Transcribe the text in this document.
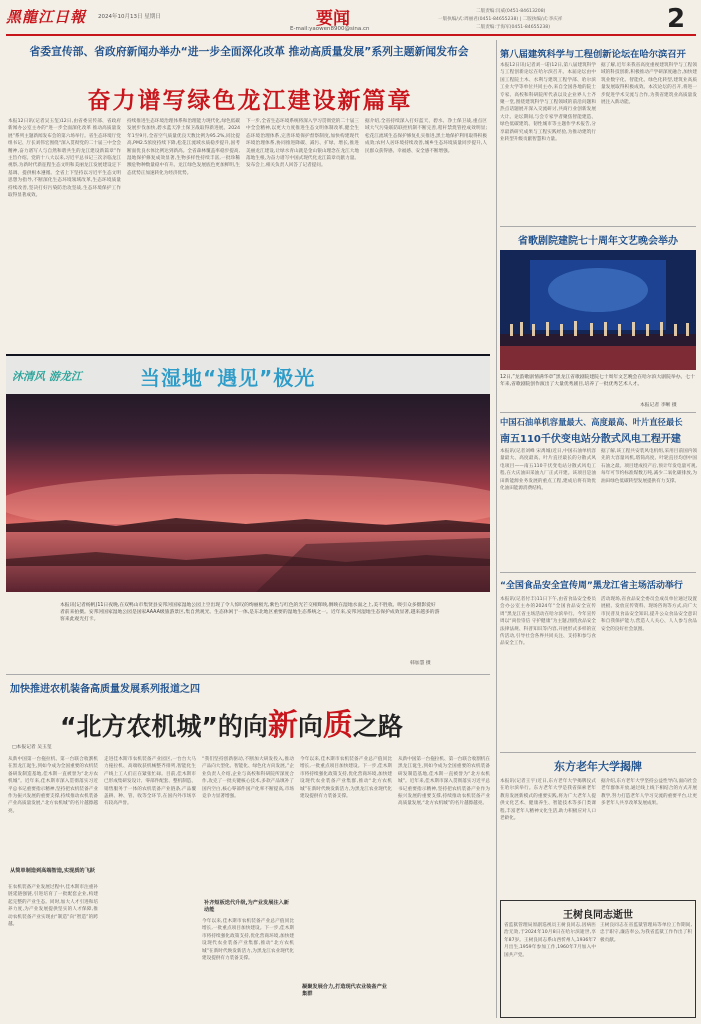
黑龍江日報 2024年10月13日 星期日	要闻
E-mail:yaowen8900@sina.cn
二版责编:闫威(0451-84613208)
一版执编/式:周丽君(0451-84655238) | 二版执编/式:李庆祥
二版责编:于海军(0451-84655238)	2
省委宣传部、省政府新闻办举办“进一步全面深化改革 推动高质量发展”系列主题新闻发布会
奋力谱写绿色龙江建设新篇章
本报12日讯(记者吴玉玺)12日,由省委宣传部、省政府新闻办公室主办的“进一步全面深化改革 推动高质量发展”系列主题新闻发布会的第六场举行。省生态环境厅党组书记、厅长刘伟宏围绕“深入贯彻党的二十届三中全会精神,奋力谱写人与自然和谐共生的龙江建设新篇章”作主旨介绍。党的十八大以来,习近平总书记三次亲临龙江视察,为新时代新征程生态文明和美丽龙江发展建设定下基调、提供根本遵循。全省上下坚持以习近平生态文明思想为指导,不断深化生态环境领域改革,生态环境质量持续改善,坚决打好污染防治攻坚战,生态环境保护工作取得显著成效。
持续推进生态环境治理体系和治理能力现代化,绿色低碳发展步伐加快,碧水蓝天净土保卫战取得新进展。2024年1至9月,全省空气质量优良天数比例为95.2%,同比提高,PM2.5浓度持续下降,松花江流域水质稳步提升,国考断面优良水体比例达到新高。全省森林覆盖率稳步提高,湿地保护修复成效显著,生物多样性持续丰富,一批珍稀濒危物种数量稳中有升。龙江绿色发展底色更加鲜明,生态优势正加速转化为经济优势。
下一步,全省生态环境系统将深入学习贯彻党的二十届三中全会精神,以更大力度推进生态文明体制改革,健全生态环境治理体系,完善环境保护督察制度,加快构建现代环境治理体系,协同推进降碳、减污、扩绿、增长,推进美丽龙江建设,让绿水青山就是金山银山理念在龙江大地落地生根,为奋力谱写中国式现代化龙江篇章贡献力量。发布会上,相关负责人回答了记者提问。
据介绍,全省持续深入打好蓝天、碧水、净土保卫战,重点区域大气污染联防联控机制不断完善,秸秆禁烧管控成效明显;松花江流域生态保护修复扎实推进,黑土地保护利用取得积极成效;农村人居环境持续改善,城乡生态环境质量同步提升,人民群众获得感、幸福感、安全感不断增强。
沐清风 游龙江	当湿地“遇见”极光
本报讯(记者杨帆)11日夜晚,在双鸭山市集贤县安邦河国家湿地公园上空出现了令人惊叹的绚丽极光,紫色与红色的光芒交相辉映,倒映在湿地水面之上,美不胜收。吸引众多摄影爱好者前来拍摄。安邦河国家湿地公园是国家AAAA级旅游景区,集自然观光、生态休闲于一体,是东北地区重要的湿地生态系统之一。近年来,安邦河湿地生态保护成效显著,越来越多的游客来此观光打卡。
韩加慧 摄
加快推进农机装备高质量发展系列报道之四
“北方农机城”的向新向质之路
□本报记者 吴玉玺
从新中国第一台拖拉机、第一台联合收割机在黑龙江诞生,到如今成为全国重要的农机装备研发制造基地,佳木斯一直被誉为“北方农机城”。近年来,佳木斯市深入贯彻落实习近平总书记重要指示精神,坚持把农机装备产业作为振兴发展的重要支撑,持续推动农机装备产业高质量发展,“北方农机城”的名片越擦越亮。
从简单制造到高端智造,实现质的飞跃
在农机装备产业发展过程中,佳木斯市注重补链延链强链,引进培育了一批配套企业,构建起完整的产业生态。同时,加大人才引进和培养力度,为产业发展提供坚实的人才保障,推动农机装备产业实现由“制造”向“智造”的跨越。
走进佳木斯市农机装备产业园区,一台台大马力拖拉机、高端收获机械整齐排列,智能化生产线上工人们正在紧张忙碌。目前,佳木斯市已形成集研发设计、零部件配套、整机制造、销售服务于一体的农机装备产业链条,产品覆盖耕、种、管、收等全环节,在国内外市场享有较高声誉。
“我们坚持创新驱动,不断加大研发投入,推动产品向大型化、智能化、绿色化方向发展。”企业负责人介绍,企业与高校和科研院所深度合作,攻克了一批关键核心技术,多款产品填补了国内空白,核心零部件国产化率不断提高,市场竞争力显著增强。
补齐短板迭代升级,为产业发展注入新动能
今年以来,佳木斯市农机装备产业总产值同比增长,一批重点项目加快建设。下一步,佳木斯市将持续强化政策支持,优化营商环境,加快建设现代农业装备产业集群,推动“北方农机城”在新时代焕发新活力,为黑龙江农业现代化建设提供有力装备支撑。
今年以来,佳木斯市农机装备产业总产值同比增长,一批重点项目加快建设。下一步,佳木斯市将持续强化政策支持,优化营商环境,加快建设现代农业装备产业集群,推动“北方农机城”在新时代焕发新活力,为黑龙江农业现代化建设提供有力装备支撑。
凝聚发展合力,打造现代农业装备产业集群
从新中国第一台拖拉机、第一台联合收割机在黑龙江诞生,到如今成为全国重要的农机装备研发制造基地,佳木斯一直被誉为“北方农机城”。近年来,佳木斯市深入贯彻落实习近平总书记重要指示精神,坚持把农机装备产业作为振兴发展的重要支撑,持续推动农机装备产业高质量发展,“北方农机城”的名片越擦越亮。
第八届建筑科学与工程创新论坛在哈尔滨召开
本报12日讯(记者刘一诺)12日,第八届建筑科学与工程创新论坛在哈尔滨召开。本届论坛由中国工程院土木、水利与建筑工程学部、哈尔滨工业大学等单位共同主办,来自全国各地的院士专家、高校和科研院所代表以及企业界人士齐聚一堂,围绕建筑科学与工程领域的前沿问题和热点话题展开深入交流研讨,共商行业创新发展大计。论坛期间,与会专家学者聚焦智能建造、绿色低碳建筑、韧性城市等主题作学术报告,分享最新研究成果与工程实践经验,为推动建筑行业转型升级贡献智慧和力量。
据了解,近年来我省高度重视建筑科学与工程领域的科技创新,积极推动产学研深度融合,加快建筑业数字化、智能化、绿色化转型,建筑业高质量发展取得积极成效。本次论坛的召开,将进一步促进学术交流与合作,为我省建筑业高质量发展注入新动能。
省歌剧院建院七十周年文艺晚会举办
12日,“龙韵歌剧情满华章”黑龙江省歌剧院建院七十周年文艺晚会在哈尔滨大剧院举办。七十年来,省歌剧院创作演出了大量优秀剧目,培养了一批优秀艺术人才。
本报记者 李晰 摄
中国石油单机容量最大、高度最高、叶片直径最长
南五110千伏变电站分散式风电工程开建
本报讯(记者刘峰 宋禹城)近日,中国石油单机容量最大、高度最高、叶片直径最长的分散式风电项目——南五110千伏变电站分散式风电工程,在大庆油田采油九厂正式开建。该项目是油田新能源业务发展的重点工程,建成后将有效优化油田能源消费结构。
据了解,该工程共安装风电机组,采用目前国内领先的大容量风机,塔筒高度、叶轮直径均创中国石油之最。项目建成投产后,预计年发电量可观,每年可节约标准煤数万吨,减少二氧化碳排放,为油田绿色低碳转型发展提供有力支撑。
“全国食品安全宣传周”黑龙江省主场活动举行
本报讯(记者付丰)11日下午,由省食品安全委员会办公室主办的2024年“全国食品安全宣传周”黑龙江省主场活动在哈尔滨举行。今年宣传周以“尚俭崇信 守护健康”为主题,围绕食品安全法律法规、科普知识等内容,开展形式多样的宣传活动,引导社会各界共同关注、支持和参与食品安全工作。
活动现场,省食品安全委员会成员单位通过设置展板、发放宣传资料、现场咨询等方式,向广大市民普及食品安全知识,提升公众食品安全意识和自我保护能力,营造人人关心、人人参与食品安全的良好社会氛围。
东方老年大学揭牌
本报讯(记者王宇)近日,东方老年大学揭牌仪式在哈尔滨举行。东方老年大学是我省探索老年教育发展新模式的重要实践,将为广大老年人提供文化艺术、健康养生、智能技术等多门类课程,丰富老年人精神文化生活,助力积极应对人口老龄化。
据介绍,东方老年大学坚持公益性导向,面向社会老年群体开放,通过线上线下相结合的方式开展教学,努力打造老年人学习交流的重要平台,让更多老年人共享改革发展成果。
王树良同志逝世
省监狱管理局原副巡视员王树良同志,因病医治无效,于2024年10月8日在哈尔滨逝世,享年87岁。王树良同志系山西忻州人,1936年7月出生,1959年参加工作,1960年7月加入中国共产党。
王树良同志在省监狱管理局等单位工作期间,忠于职守,廉洁奉公,为我省监狱工作作出了积极贡献。
